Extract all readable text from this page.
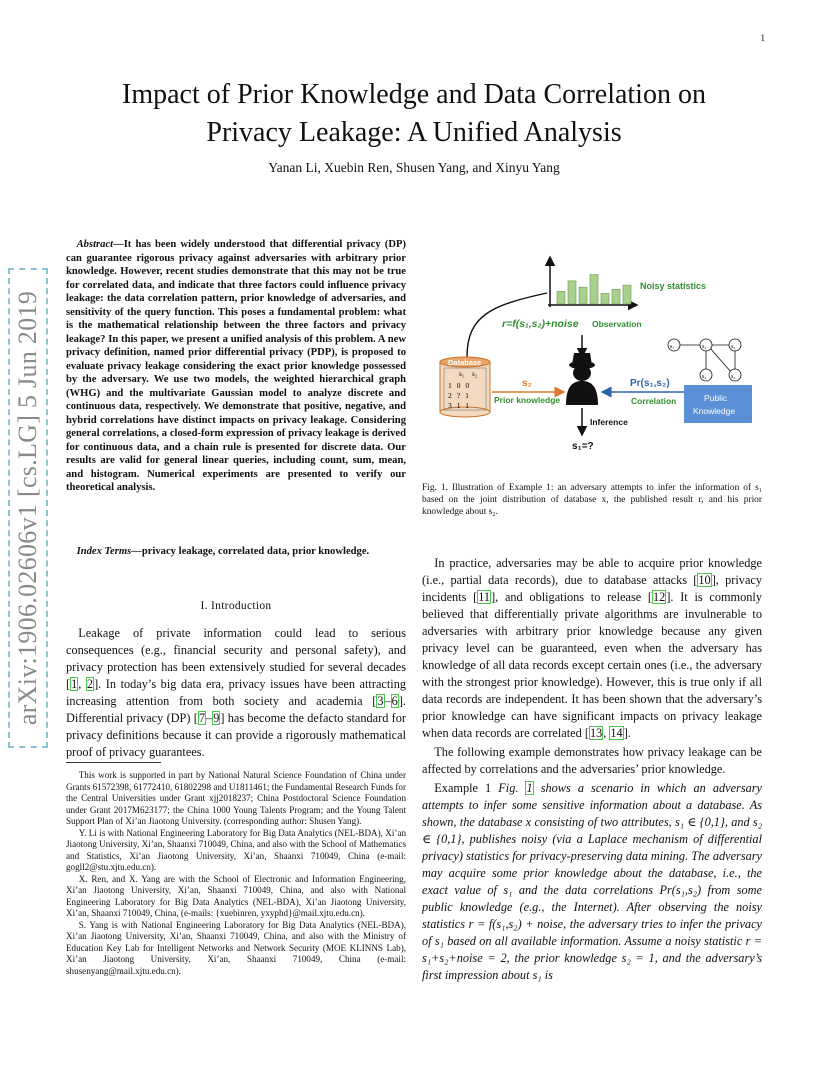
1
Impact of Prior Knowledge and Data Correlation on
Privacy Leakage: A Unified Analysis
Yanan Li, Xuebin Ren, Shusen Yang, and Xinyu Yang
arXiv:1906.02606v1 [cs.LG] 5 Jun 2019

Abstract—It has been widely understood that differential privacy (DP) can guarantee rigorous privacy against adversaries with arbitrary prior knowledge. However, recent studies demonstrate that this may not be true for correlated data, and indicate that three factors could influence privacy leakage: the data correlation pattern, prior knowledge of adversaries, and sensitivity of the query function. This poses a fundamental problem: what is the mathematical relationship between the three factors and privacy leakage? In this paper, we present a unified analysis of this problem. A new privacy definition, named prior differential privacy (PDP), is proposed to evaluate privacy leakage considering the exact prior knowledge possessed by the adversary. We use two models, the weighted hierarchical graph (WHG) and the multivariate Gaussian model to analyze discrete and continuous data, respectively. We demonstrate that positive, negative, and hybrid correlations have distinct impacts on privacy leakage. Considering general correlations, a closed-form expression of privacy leakage is derived for continuous data, and a chain rule is presented for discrete data. Our results are valid for general linear queries, including count, sum, mean, and histogram. Numerical experiments are presented to verify our theoretical analysis.

Index Terms—privacy leakage, correlated data, prior knowledge.

I. Introduction

Leakage of private information could lead to serious consequences (e.g., financial security and personal safety), and privacy protection has been extensively studied for several decades [1, 2]. In today’s big data era, privacy issues have been attracting increasing attention from both society and academia [3–6]. Differential privacy (DP) [7–9] has become the defacto standard for privacy definitions because it can provide a rigorously mathematical proof of privacy guarantees.

This work is supported in part by National Natural Science Foundation of China under Grants 61572398, 61772410, 61802298 and U1811461; the Fundamental Research Funds for the Central Universities under Grant xjj2018237; China Postdoctoral Science Foundation under Grant 2017M623177; the China 1000 Young Talents Program; and the Young Talent Support Plan of Xi’an Jiaotong University. (corresponding author: Shusen Yang).

Y. Li is with National Engineering Laboratory for Big Data Analytics (NEL-BDA), Xi’an Jiaotong University, Xi’an, Shaanxi 710049, China, and also with the School of Mathematics and Statistics, Xi’an Jiaotong University, Xi’an, Shaanxi 710049, China (e-mail: gogll2@stu.xjtu.edu.cn).

X. Ren, and X. Yang are with the School of Electronic and Information Engineering, Xi’an Jiaotong University, Xi’an, Shaanxi 710049, China, and also with National Engineering Laboratory for Big Data Analytics (NEL-BDA), Xi’an Jiaotong University, Xi’an, Shaanxi 710049, China, (e-mails: {xuebinren, yxyphd}@mail.xjtu.edu.cn).

S. Yang is with National Engineering Laboratory for Big Data Analytics (NEL-BDA), Xi’an Jiaotong University, Xi’an, Shaanxi 710049, China, and also with the Ministry of Education Key Lab for Intelligent Networks and Network Security (MOE KLINNS Lab), Xi’an Jiaotong University, Xi’an, Shaanxi 710049, China (e-mail: shusenyang@mail.xjtu.edu.cn).

Noisy statistics
r=f(s₁,s₂)+noise Observation
Database
s₁ s₂
100
2?1
311
s₂
Prior knowledge
Inference
s₁=?
Pr(s₁,s₂)
Correlation
s₁	s₂	s₃
s₄	s₅
Public
Knowledge

Fig. 1. Illustration of Example 1: an adversary attempts to infer the information of s₁ based on the joint distribution of database x, the published result r, and his prior knowledge about s₂.

In practice, adversaries may be able to acquire prior knowledge (i.e., partial data records), due to database attacks [10], privacy incidents [11], and obligations to release [12]. It is commonly believed that differentially private algorithms are invulnerable to adversaries with arbitrary prior knowledge because any given privacy level can be guaranteed, even when the adversary has knowledge of all data records except certain ones (i.e., the adversary with the strongest prior knowledge). However, this is true only if all data records are independent. It has been shown that the adversary’s prior knowledge can have significant impacts on privacy leakage when data records are correlated [13, 14].

The following example demonstrates how privacy leakage can be affected by correlations and the adversaries’ prior knowledge.

Example 1 Fig. 1 shows a scenario in which an adversary attempts to infer some sensitive information about a database. As shown, the database x consisting of two attributes, s₁ ∈ {0,1}, and s₂ ∈ {0,1}, publishes noisy (via a Laplace mechanism of differential privacy) statistics for privacy-preserving data mining. The adversary may acquire some prior knowledge about the database, i.e., the exact value of s₁ and the data correlations Pr(s₁,s₂) from some public knowledge (e.g., the Internet). After observing the noisy statistics r = f(s₁,s₂) + noise, the adversary tries to infer the privacy of s₁ based on all available information. Assume a noisy statistic r = s₁+s₂+noise = 2, the prior knowledge s₂ = 1, and the adversary’s first impression about s₁ is
